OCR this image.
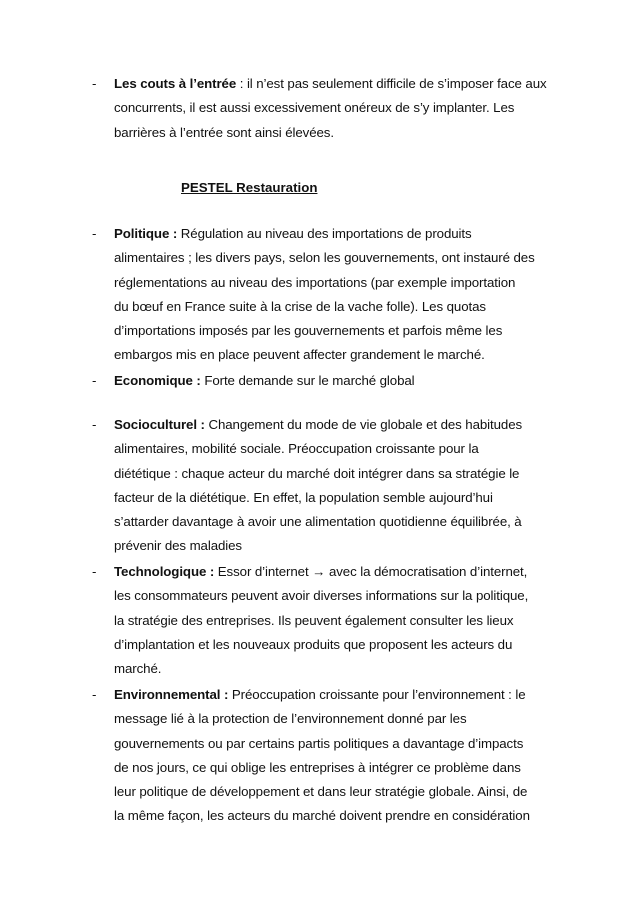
- Les couts à l’entrée : il n’est pas seulement difficile de s’imposer face aux
concurrents, il est aussi excessivement onéreux de s’y implanter. Les
barrières à l’entrée sont ainsi élevées.
PESTEL Restauration
- Politique : Régulation au niveau des importations de produits
alimentaires ; les divers pays, selon les gouvernements, ont instauré des
réglementations au niveau des importations (par exemple importation
du bœuf en France suite à la crise de la vache folle). Les quotas
d’importations imposés par les gouvernements et parfois même les
embargos mis en place peuvent affecter grandement le marché.
- Economique : Forte demande sur le marché global
- Socioculturel : Changement du mode de vie globale et des habitudes
alimentaires, mobilité sociale. Préoccupation croissante pour la
diététique : chaque acteur du marché doit intégrer dans sa stratégie le
facteur de la diététique. En effet, la population semble aujourd’hui
s’attarder davantage à avoir une alimentation quotidienne équilibrée, à
prévenir des maladies
- Technologique : Essor d’internet → avec la démocratisation d’internet,
les consommateurs peuvent avoir diverses informations sur la politique,
la stratégie des entreprises. Ils peuvent également consulter les lieux
d’implantation et les nouveaux produits que proposent les acteurs du
marché.
- Environnemental : Préoccupation croissante pour l’environnement : le
message lié à la protection de l’environnement donné par les
gouvernements ou par certains partis politiques a davantage d’impacts
de nos jours, ce qui oblige les entreprises à intégrer ce problème dans
leur politique de développement et dans leur stratégie globale. Ainsi, de
la même façon, les acteurs du marché doivent prendre en considération
